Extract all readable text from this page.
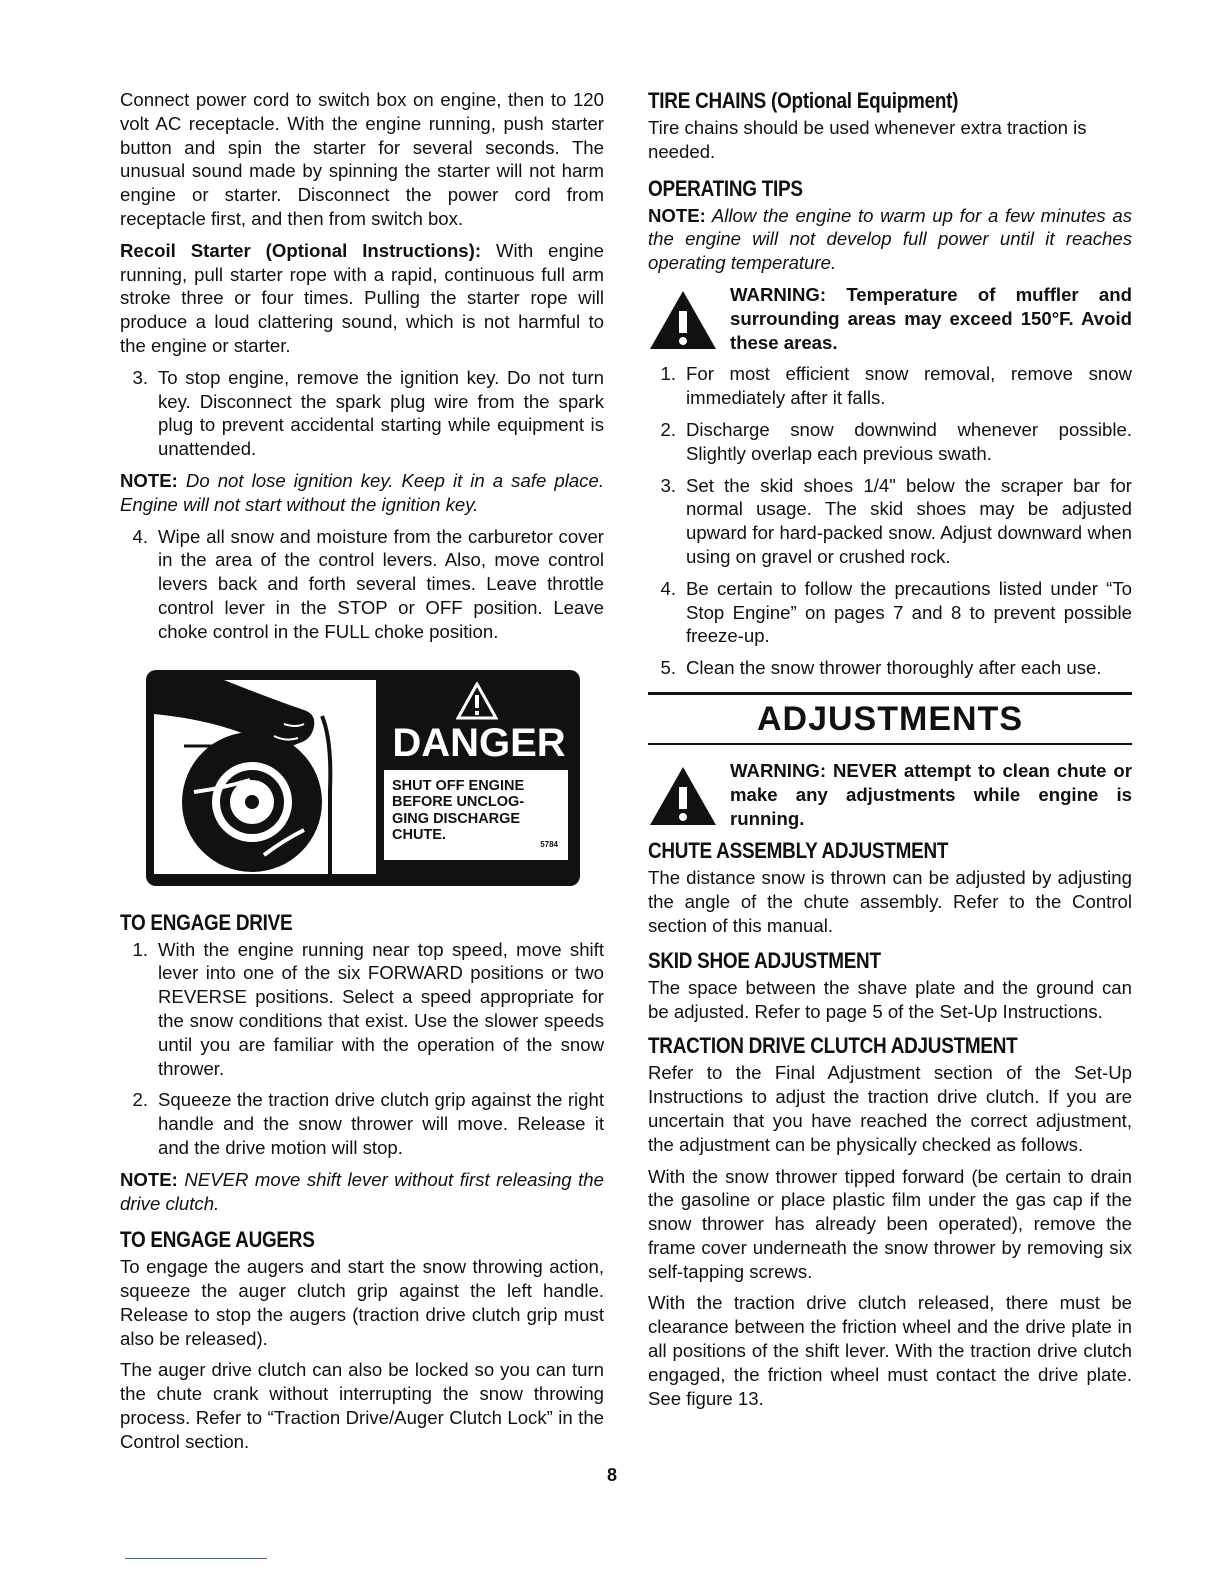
Connect power cord to switch box on engine, then to 120 volt AC receptacle. With the engine running, push starter button and spin the starter for several seconds. The unusual sound made by spinning the starter will not harm engine or starter. Disconnect the power cord from receptacle first, and then from switch box.

Recoil Starter (Optional Instructions): With engine running, pull starter rope with a rapid, continuous full arm stroke three or four times. Pulling the starter rope will produce a loud clattering sound, which is not harmful to the engine or starter.

3. To stop engine, remove the ignition key. Do not turn key. Disconnect the spark plug wire from the spark plug to prevent accidental starting while equipment is unattended.

NOTE: Do not lose ignition key. Keep it in a safe place. Engine will not start without the ignition key.

4. Wipe all snow and moisture from the carburetor cover in the area of the control levers. Also, move control levers back and forth several times. Leave throttle control lever in the STOP or OFF position. Leave choke control in the FULL choke position.
DANGER
SHUT OFF ENGINE
BEFORE UNCLOG-
GING DISCHARGE
CHUTE.
5784
TO ENGAGE DRIVE
1. With the engine running near top speed, move shift lever into one of the six FORWARD positions or two REVERSE positions. Select a speed appropriate for the snow conditions that exist. Use the slower speeds until you are familiar with the operation of the snow thrower.
2. Squeeze the traction drive clutch grip against the right handle and the snow thrower will move. Release it and the drive motion will stop.

NOTE: NEVER move shift lever without first releasing the drive clutch.

TO ENGAGE AUGERS

To engage the augers and start the snow throwing action, squeeze the auger clutch grip against the left handle. Release to stop the augers (traction drive clutch grip must also be released).

The auger drive clutch can also be locked so you can turn the chute crank without interrupting the snow throwing process. Refer to “Traction Drive/Auger Clutch Lock” in the Control section.

TIRE CHAINS (Optional Equipment)

Tire chains should be used whenever extra traction is needed.

OPERATING TIPS

NOTE: Allow the engine to warm up for a few minutes as the engine will not develop full power until it reaches operating temperature.

WARNING: Temperature of muffler and surrounding areas may exceed 150°F. Avoid these areas.
1. For most efficient snow removal, remove snow immediately after it falls.
2. Discharge snow downwind whenever possible. Slightly overlap each previous swath.
3. Set the skid shoes 1/4" below the scraper bar for normal usage. The skid shoes may be adjusted upward for hard-packed snow. Adjust downward when using on gravel or crushed rock.
4. Be certain to follow the precautions listed under “To Stop Engine” on pages 7 and 8 to prevent possible freeze-up.
5. Clean the snow thrower thoroughly after each use.
ADJUSTMENTS
WARNING: NEVER attempt to clean chute or make any adjustments while engine is running.
CHUTE ASSEMBLY ADJUSTMENT

The distance snow is thrown can be adjusted by adjusting the angle of the chute assembly. Refer to the Control section of this manual.

SKID SHOE ADJUSTMENT

The space between the shave plate and the ground can be adjusted. Refer to page 5 of the Set-Up Instructions.

TRACTION DRIVE CLUTCH ADJUSTMENT

Refer to the Final Adjustment section of the Set-Up Instructions to adjust the traction drive clutch. If you are uncertain that you have reached the correct adjustment, the adjustment can be physically checked as follows.

With the snow thrower tipped forward (be certain to drain the gasoline or place plastic film under the gas cap if the snow thrower has already been operated), remove the frame cover underneath the snow thrower by removing six self-tapping screws.

With the traction drive clutch released, there must be clearance between the friction wheel and the drive plate in all positions of the shift lever. With the traction drive clutch engaged, the friction wheel must contact the drive plate. See figure 13.

8
